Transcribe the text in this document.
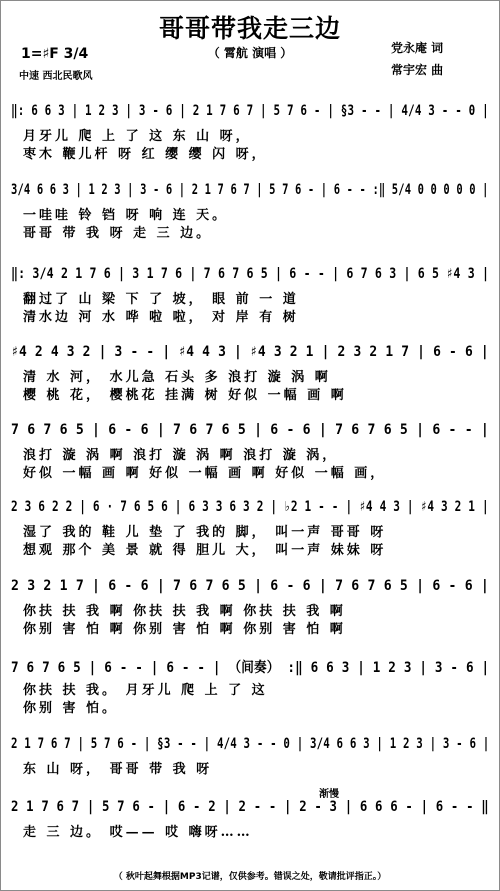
哥哥带我走三边
（ 霄航 演唱 ）	党永庵 词
常宇宏 曲
1=♯F 3/4
中速 西北民歌风
‖: 6 6 3 | 1 2 3 | 3 - 6 | 2 1 7 6 7 | 5 7 6 - | §3 - - | 4/4 3 - - 0 |
月牙儿 爬 上 了 这 东 山 呀，
枣木 鞭儿杆 呀 红 缨 缨 闪 呀，
3/4 6 6 3 | 1 2 3 | 3 - 6 | 2 1 7 6 7 | 5 7 6 - | 6 - - :‖ 5/4 0 0 0 0 0 |
一哇哇 铃 铛 呀 响 连 天。
哥哥 带 我 呀 走 三 边。
‖: 3/4 2 1 7 6 | 3 1 7 6 | 7 6 7 6 5 | 6 - - | 6 7 6 3 | 6 5 ♯4 3 |
翻过了 山 梁 下 了 坡， 眼 前 一 道
清水边 河 水 哗 啦 啦， 对 岸 有 树
♯4 2 4 3 2 | 3 - - | ♯4 4 3 | ♯4 3 2 1 | 2 3 2 1 7 | 6 - 6 |
清 水 河， 水儿急 石头 多 浪打 漩 涡 啊
樱 桃 花， 樱桃花 挂满 树 好似 一幅 画 啊
7 6 7 6 5 | 6 - 6 | 7 6 7 6 5 | 6 - 6 | 7 6 7 6 5 | 6 - - |
浪打 漩 涡 啊 浪打 漩 涡 啊 浪打 漩 涡，
好似 一幅 画 啊 好似 一幅 画 啊 好似 一幅 画，
2 3 6 2 2 | 6 · 7 6 5 6 | 6 3 3 6 3 2 | ♭2 1 - - | ♯4 4 3 | ♯4 3 2 1 |
湿了 我的 鞋 儿 垫 了 我的 脚， 叫一声 哥哥 呀
想观 那个 美 景 就 得 胆儿 大， 叫一声 妹妹 呀
2 3 2 1 7 | 6 - 6 | 7 6 7 6 5 | 6 - 6 | 7 6 7 6 5 | 6 - 6 |
你扶 扶 我 啊 你扶 扶 我 啊 你扶 扶 我 啊
你别 害 怕 啊 你别 害 怕 啊 你别 害 怕 啊
7 6 7 6 5 | 6 - - | 6 - - | （间奏） :‖ 6 6 3 | 1 2 3 | 3 - 6 |
你扶 扶 我。 月牙儿 爬 上 了 这
你别 害 怕。
2 1 7 6 7 | 5 7 6 - | §3 - - | 4/4 3 - - 0 | 3/4 6 6 3 | 1 2 3 | 3 - 6 |
东 山 呀， 哥哥 带 我 呀
渐慢
2 1 7 6 7 | 5 7 6 - | 6 - 2 | 2 - - | 2 - 3 | 6 6 6 - | 6 - - ‖
走 三 边。 哎—— 哎 嗨呀……
（ 秋叶起舞根据MP3记谱，仅供参考。错误之处，敬请批评指正。）
